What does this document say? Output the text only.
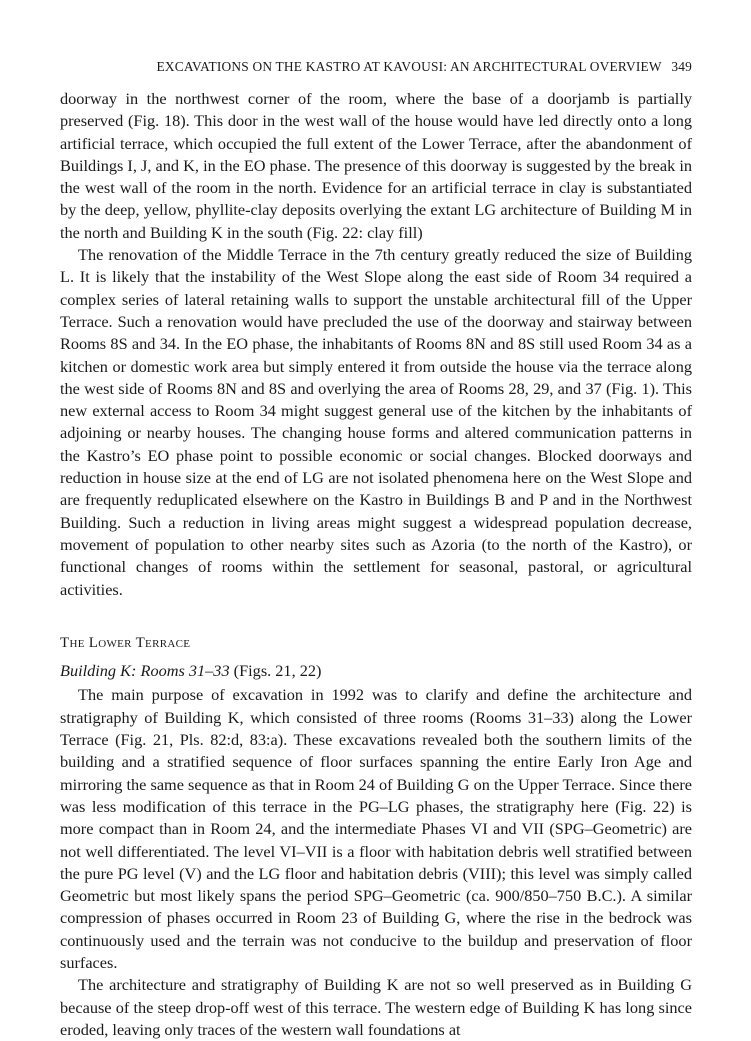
EXCAVATIONS ON THE KASTRO AT KAVOUSI: AN ARCHITECTURAL OVERVIEW 349

doorway in the northwest corner of the room, where the base of a doorjamb is partially preserved (Fig. 18). This door in the west wall of the house would have led directly onto a long artificial terrace, which occupied the full extent of the Lower Terrace, after the abandonment of Buildings I, J, and K, in the EO phase. The presence of this doorway is suggested by the break in the west wall of the room in the north. Evidence for an artificial terrace in clay is substantiated by the deep, yellow, phyllite-clay deposits overlying the extant LG architecture of Building M in the north and Building K in the south (Fig. 22: clay fill)

The renovation of the Middle Terrace in the 7th century greatly reduced the size of Building L. It is likely that the instability of the West Slope along the east side of Room 34 required a complex series of lateral retaining walls to support the unstable architectural fill of the Upper Terrace. Such a renovation would have precluded the use of the doorway and stairway between Rooms 8S and 34. In the EO phase, the inhabitants of Rooms 8N and 8S still used Room 34 as a kitchen or domestic work area but simply entered it from outside the house via the terrace along the west side of Rooms 8N and 8S and overlying the area of Rooms 28, 29, and 37 (Fig. 1). This new external access to Room 34 might suggest general use of the kitchen by the inhabitants of adjoining or nearby houses. The changing house forms and altered communication patterns in the Kastro’s EO phase point to possible economic or social changes. Blocked doorways and reduction in house size at the end of LG are not isolated phenomena here on the West Slope and are frequently reduplicated elsewhere on the Kastro in Buildings B and P and in the Northwest Building. Such a reduction in living areas might suggest a widespread population decrease, movement of population to other nearby sites such as Azoria (to the north of the Kastro), or functional changes of rooms within the settlement for seasonal, pastoral, or agricultural activities.

The Lower Terrace
Building K: Rooms 31–33 (Figs. 21, 22)

The main purpose of excavation in 1992 was to clarify and define the architecture and stratigraphy of Building K, which consisted of three rooms (Rooms 31–33) along the Lower Terrace (Fig. 21, Pls. 82:d, 83:a). These excavations revealed both the southern limits of the building and a stratified sequence of floor surfaces spanning the entire Early Iron Age and mirroring the same sequence as that in Room 24 of Building G on the Upper Terrace. Since there was less modification of this terrace in the PG–LG phases, the stratigraphy here (Fig. 22) is more compact than in Room 24, and the intermediate Phases VI and VII (SPG–Geometric) are not well differentiated. The level VI–VII is a floor with habitation debris well stratified between the pure PG level (V) and the LG floor and habitation debris (VIII); this level was simply called Geometric but most likely spans the period SPG–Geometric (ca. 900/850–750 B.C.). A similar compression of phases occurred in Room 23 of Building G, where the rise in the bedrock was continuously used and the terrain was not conducive to the buildup and preservation of floor surfaces.

The architecture and stratigraphy of Building K are not so well preserved as in Building G because of the steep drop-off west of this terrace. The western edge of Building K has long since eroded, leaving only traces of the western wall foundations at
